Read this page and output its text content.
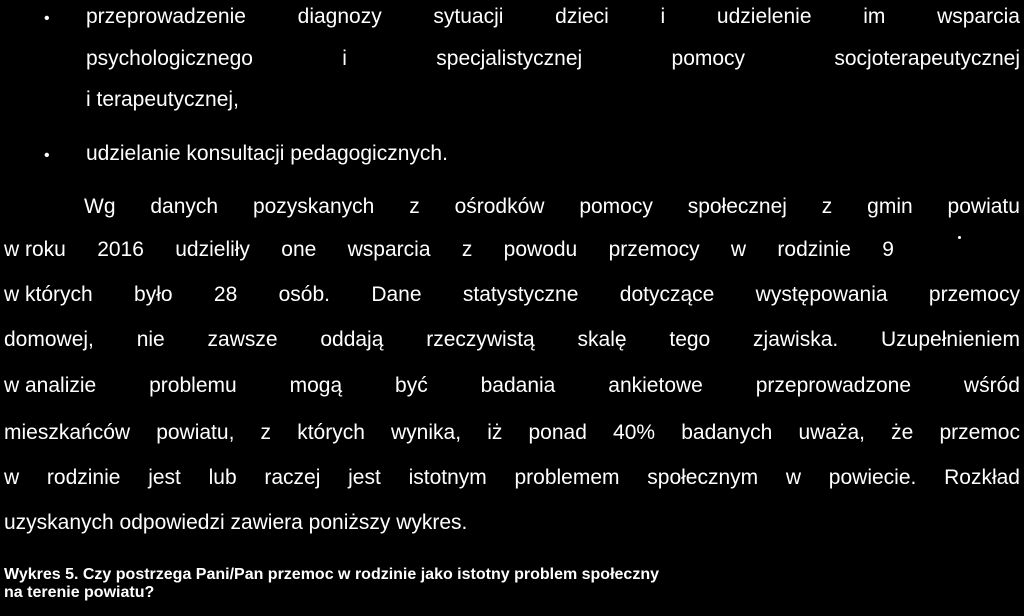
• przeprowadzenie diagnozy sytuacji dzieci i udzielenie im wsparcia
psychologicznego	i	specjalistycznej	pomocy	socjoterapeutycznej
i terapeutycznej,
• udzielanie konsultacji pedagogicznych.
Wg danych pozyskanych z ośrodków pomocy społecznej z gmin powiatu
w roku 2016 udzieliły one wsparcia z powodu przemocy w rodzinie 9
w których było 28 osób. Dane statystyczne dotyczące występowania przemocy
domowej, nie zawsze oddają rzeczywistą skalę tego zjawiska. Uzupełnieniem
w analizie	problemu	mogą	być	badania	ankietowe	przeprowadzone	wśród
mieszkańców powiatu, z których wynika, iż ponad 40% badanych uważa, że przemoc
w rodzinie jest lub raczej jest istotnym problemem społecznym w powiecie. Rozkład
uzyskanych odpowiedzi zawiera poniższy wykres.
Wykres 5. Czy postrzega Pani/Pan przemoc w rodzinie jako istotny problem społeczny
na terenie powiatu?
